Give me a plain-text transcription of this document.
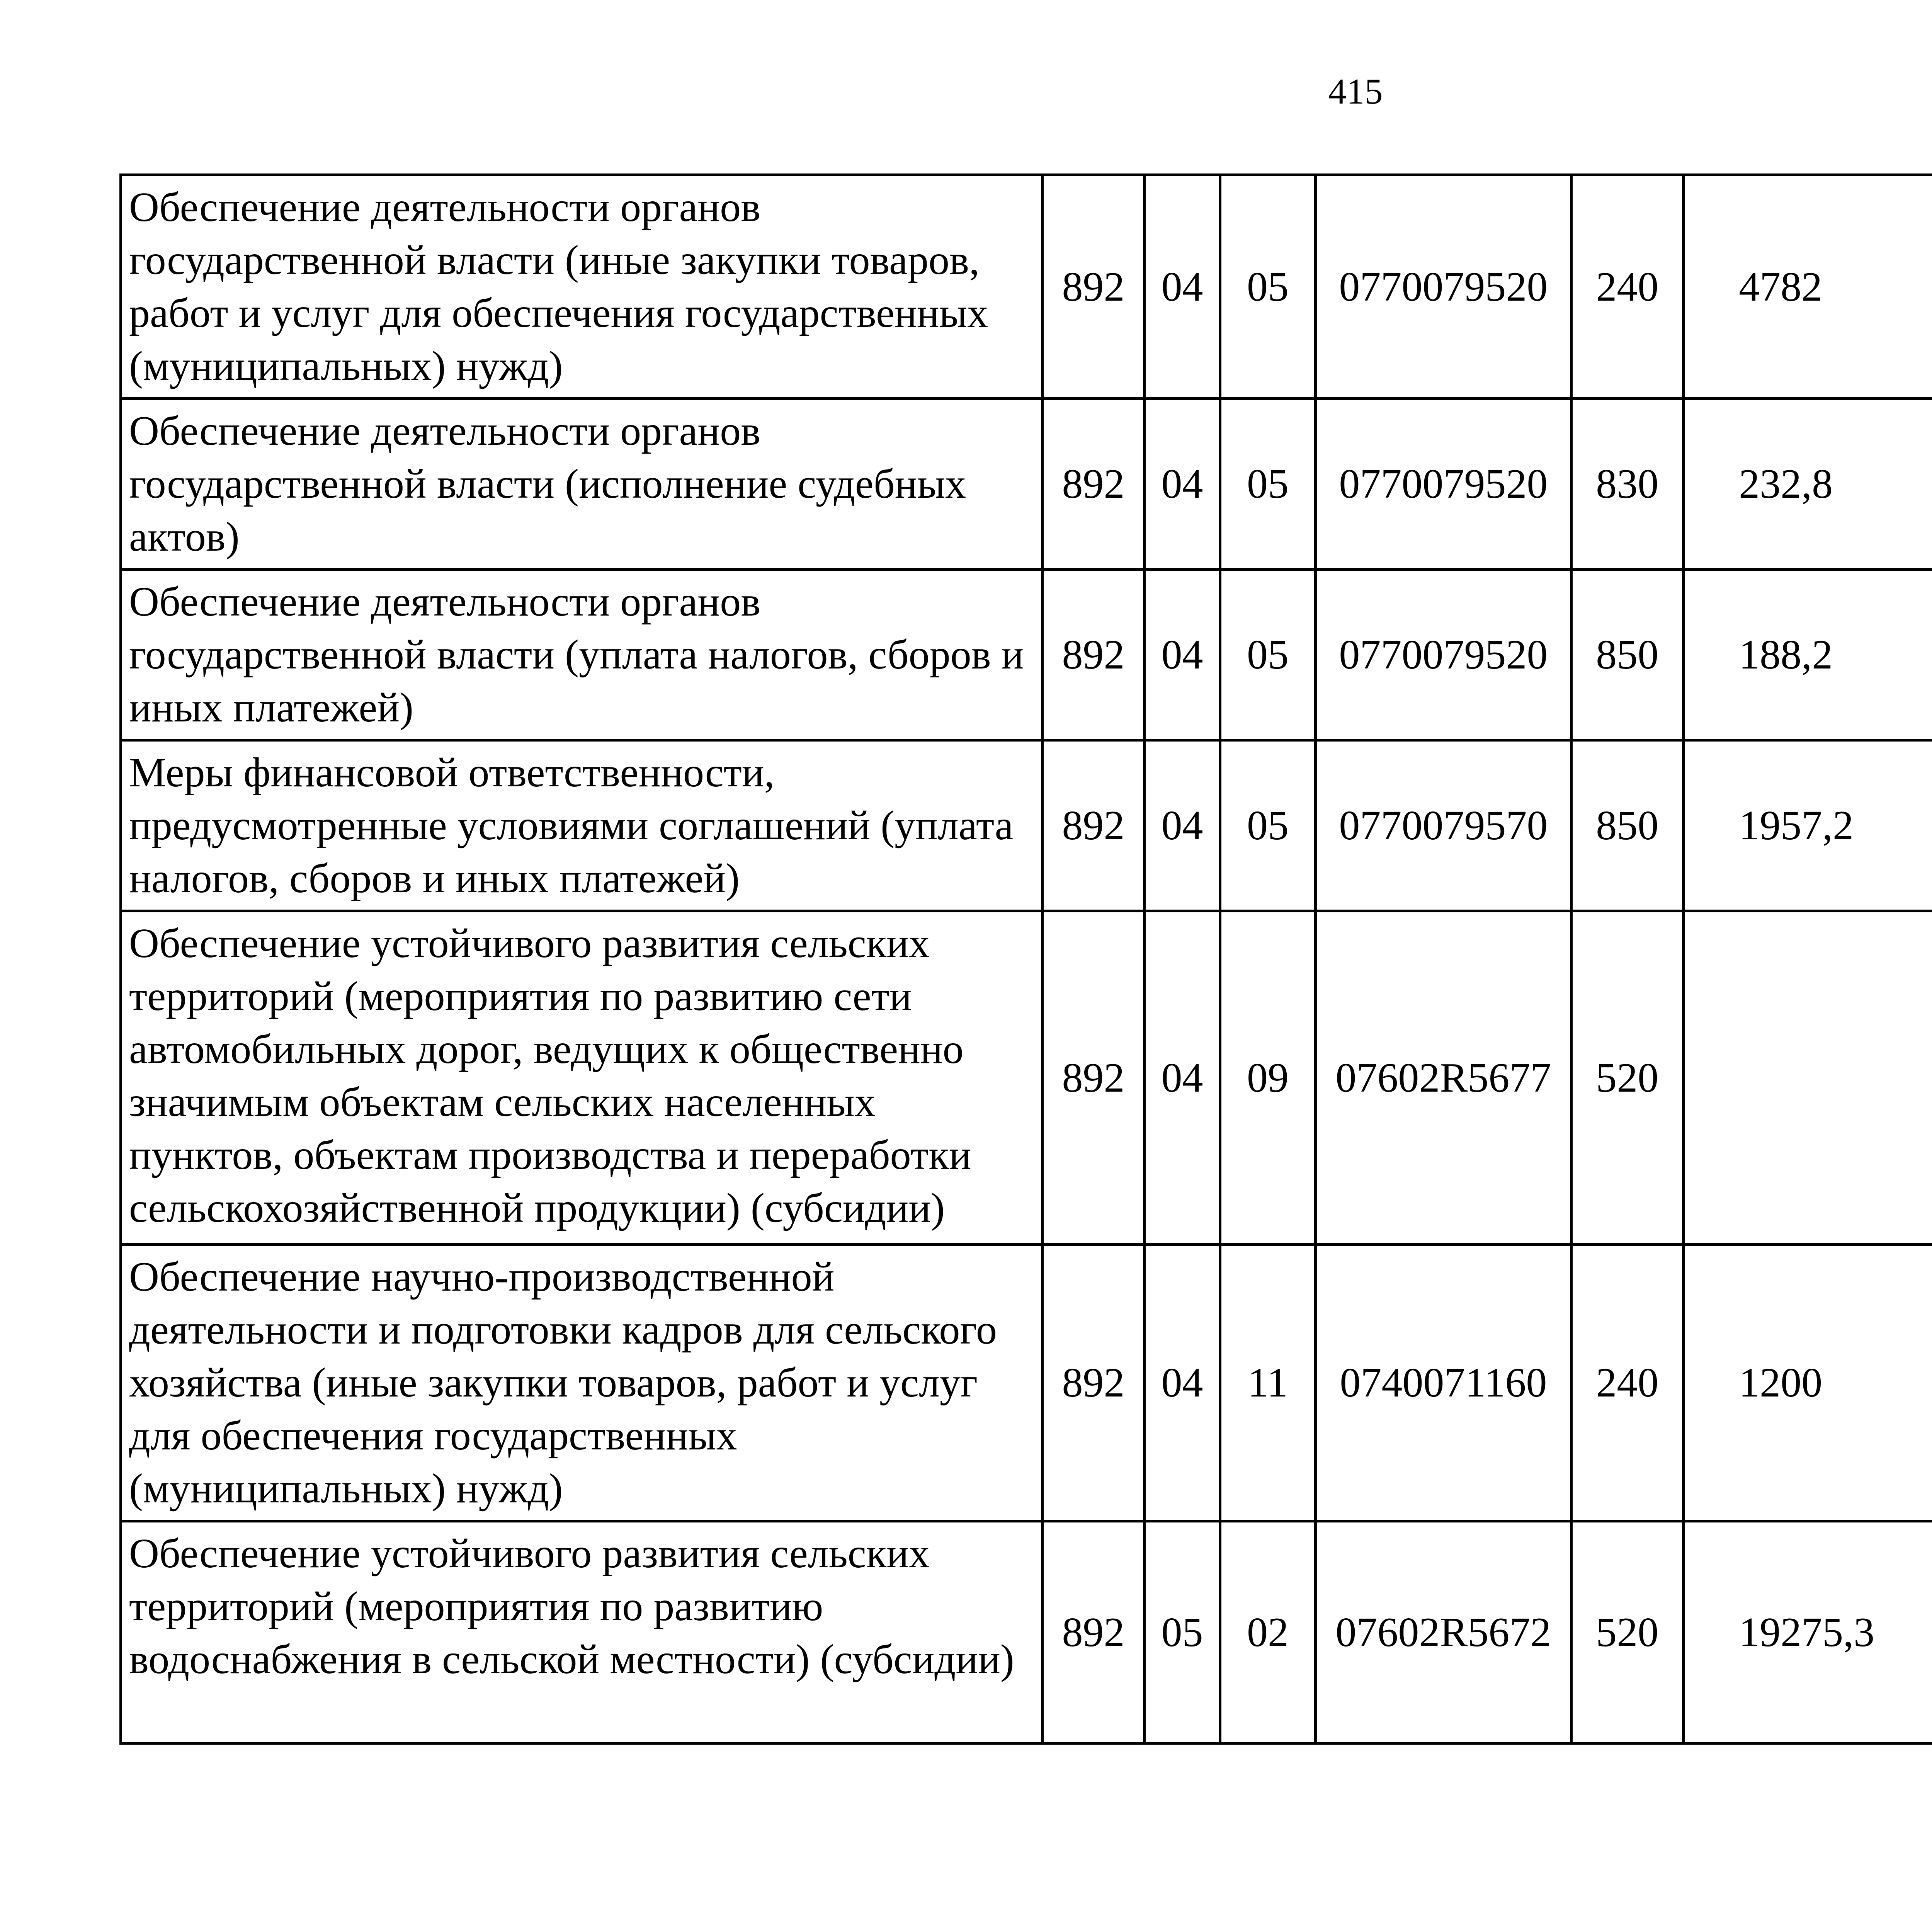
415
Обеспечение деятельности органов государственной власти (иные закупки товаров, работ и услуг для обеспечения государственных (муниципальных) нужд)	892	04	05	0770079520	240	4782		
Обеспечение деятельности органов государственной власти (исполнение судебных актов)	892	04	05	0770079520	830	232,8		
Обеспечение деятельности органов государственной власти (уплата налогов, сборов и иных платежей)	892	04	05	0770079520	850	188,2		
Меры финансовой ответственности, предусмотренные условиями соглашений (уплата налогов, сборов и иных платежей)	892	04	05	0770079570	850	1957,2		
Обеспечение устойчивого развития сельских территорий (мероприятия по развитию сети автомобильных дорог, ведущих к общественно значимым объектам сельских населенных пунктов, объектам производства и переработки сельскохозяйственной продукции) (субсидии)	892	04	09	07602R5677	520			
Обеспечение научно-производственной деятельности и подготовки кадров для сельского хозяйства (иные закупки товаров, работ и услуг для обеспечения государственных (муниципальных) нужд)	892	04	11	0740071160	240	1200		
Обеспечение устойчивого развития сельских территорий (мероприятия по развитию водоснабжения в сельской местности) (субсидии)	892	05	02	07602R5672	520	19275,3		
